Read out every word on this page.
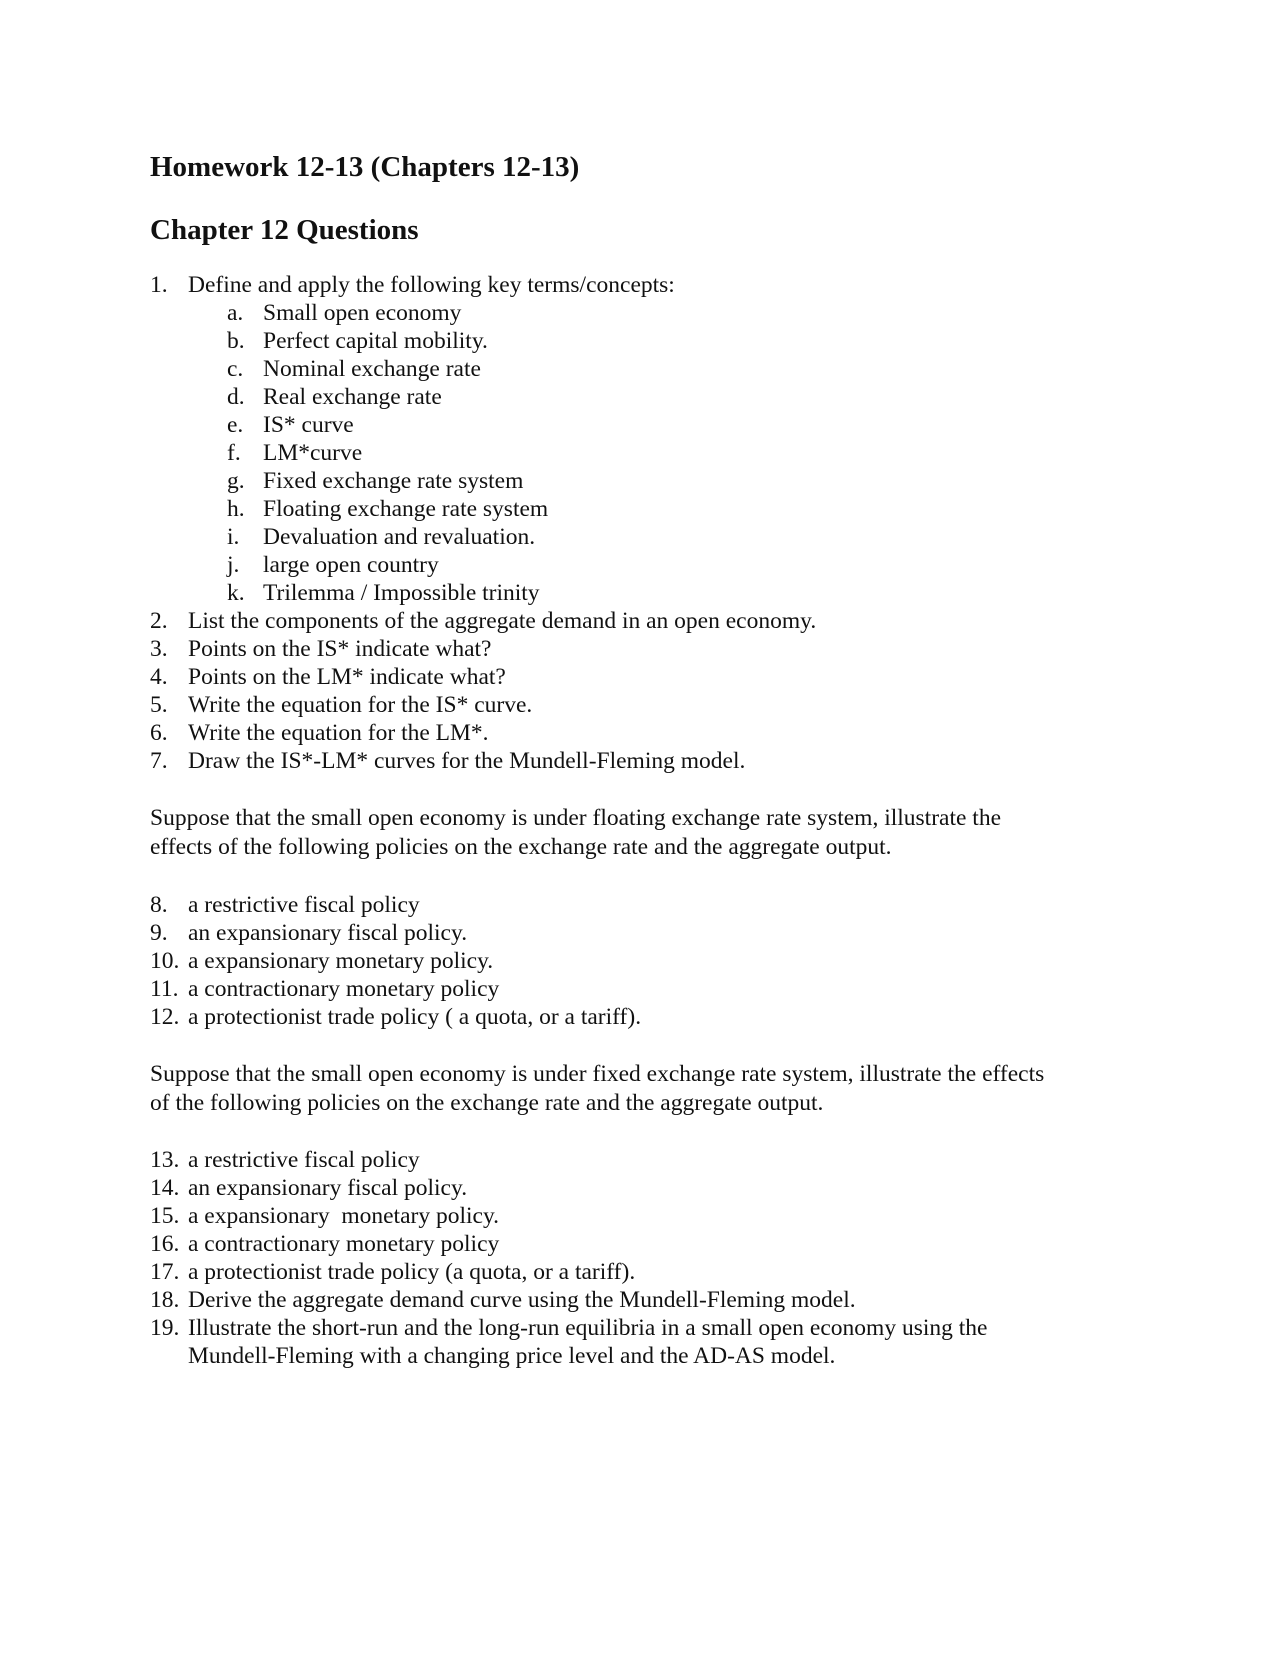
Homework 12-13 (Chapters 12-13)
Chapter 12 Questions
1. Define and apply the following key terms/concepts:
a. Small open economy
b. Perfect capital mobility.
c. Nominal exchange rate
d. Real exchange rate
e. IS* curve
f. LM*curve
g. Fixed exchange rate system
h. Floating exchange rate system
i. Devaluation and revaluation.
j. large open country
k. Trilemma / Impossible trinity
2. List the components of the aggregate demand in an open economy.
3. Points on the IS* indicate what?
4. Points on the LM* indicate what?
5. Write the equation for the IS* curve.
6. Write the equation for the LM*.
7. Draw the IS*-LM* curves for the Mundell-Fleming model.
Suppose that the small open economy is under floating exchange rate system, illustrate the
effects of the following policies on the exchange rate and the aggregate output.
8. a restrictive fiscal policy
9. an expansionary fiscal policy.
10. a expansionary monetary policy.
11. a contractionary monetary policy
12. a protectionist trade policy ( a quota, or a tariff).
Suppose that the small open economy is under fixed exchange rate system, illustrate the effects
of the following policies on the exchange rate and the aggregate output.
13. a restrictive fiscal policy
14. an expansionary fiscal policy.
15. a expansionary  monetary policy.
16. a contractionary monetary policy
17. a protectionist trade policy (a quota, or a tariff).
18. Derive the aggregate demand curve using the Mundell-Fleming model.
19. Illustrate the short-run and the long-run equilibria in a small open economy using the
Mundell-Fleming with a changing price level and the AD-AS model.
